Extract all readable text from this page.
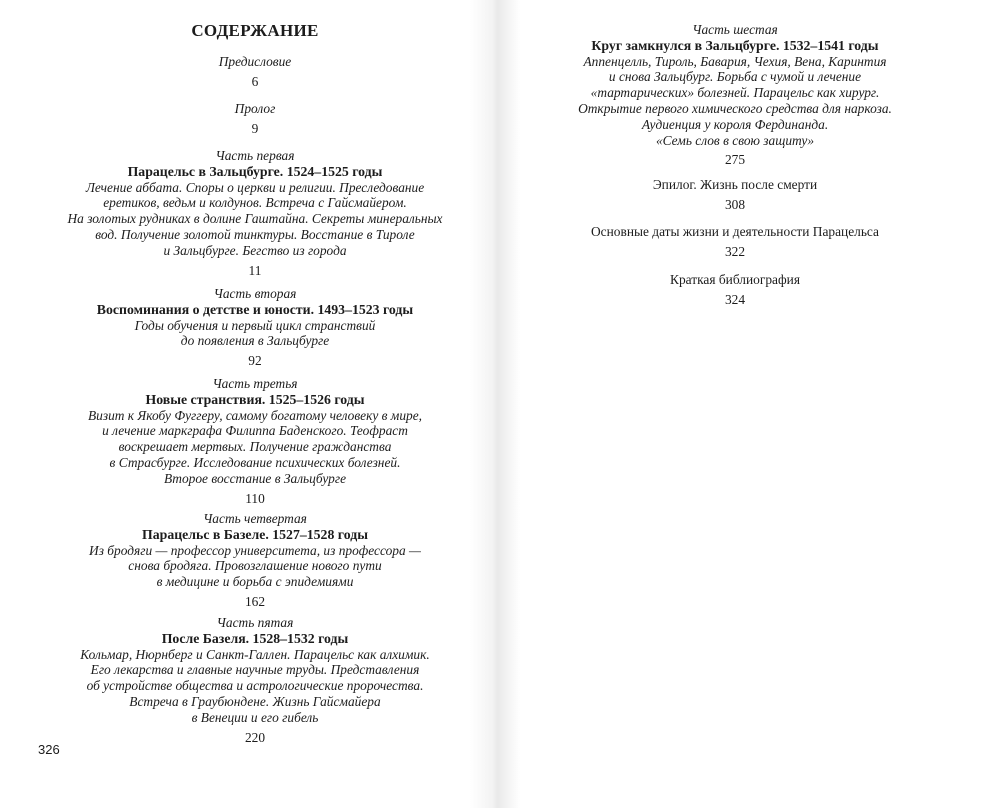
СОДЕРЖАНИЕ
Предисловие
6
Пролог
9
Часть первая
Парацельс в Зальцбурге. 1524–1525 годы
Лечение аббата. Споры о церкви и религии. Преследование
еретиков, ведьм и колдунов. Встреча с Гайсмайером.
На золотых рудниках в долине Гаштайна. Секреты минеральных
вод. Получение золотой тинктуры. Восстание в Тироле
и Зальцбурге. Бегство из города
11
Часть вторая
Воспоминания о детстве и юности. 1493–1523 годы
Годы обучения и первый цикл странствий
до появления в Зальцбурге
92
Часть третья
Новые странствия. 1525–1526 годы
Визит к Якобу Фуггеру, самому богатому человеку в мире,
и лечение маркграфа Филиппа Баденского. Теофраст
воскрешает мертвых. Получение гражданства
в Страсбурге. Исследование психических болезней.
Второе восстание в Зальцбурге
110
Часть четвертая
Парацельс в Базеле. 1527–1528 годы
Из бродяги — профессор университета, из профессора —
снова бродяга. Провозглашение нового пути
в медицине и борьба с эпидемиями
162
Часть пятая
После Базеля. 1528–1532 годы
Кольмар, Нюрнберг и Санкт-Галлен. Парацельс как алхимик.
Его лекарства и главные научные труды. Представления
об устройстве общества и астрологические пророчества.
Встреча в Граубюнденe. Жизнь Гайсмайера
в Венеции и его гибель
220
Часть шестая
Круг замкнулся в Зальцбурге. 1532–1541 годы
Аппенцелль, Тироль, Бавария, Чехия, Вена, Каринтия
и снова Зальцбург. Борьба с чумой и лечение
«тартарических» болезней. Парацельс как хирург.
Открытие первого химического средства для наркоза.
Аудиенция у короля Фердинанда.
«Семь слов в свою защиту»
275
Эпилог. Жизнь после смерти
308
Основные даты жизни и деятельности Парацельса
322
Краткая библиография
324
326
